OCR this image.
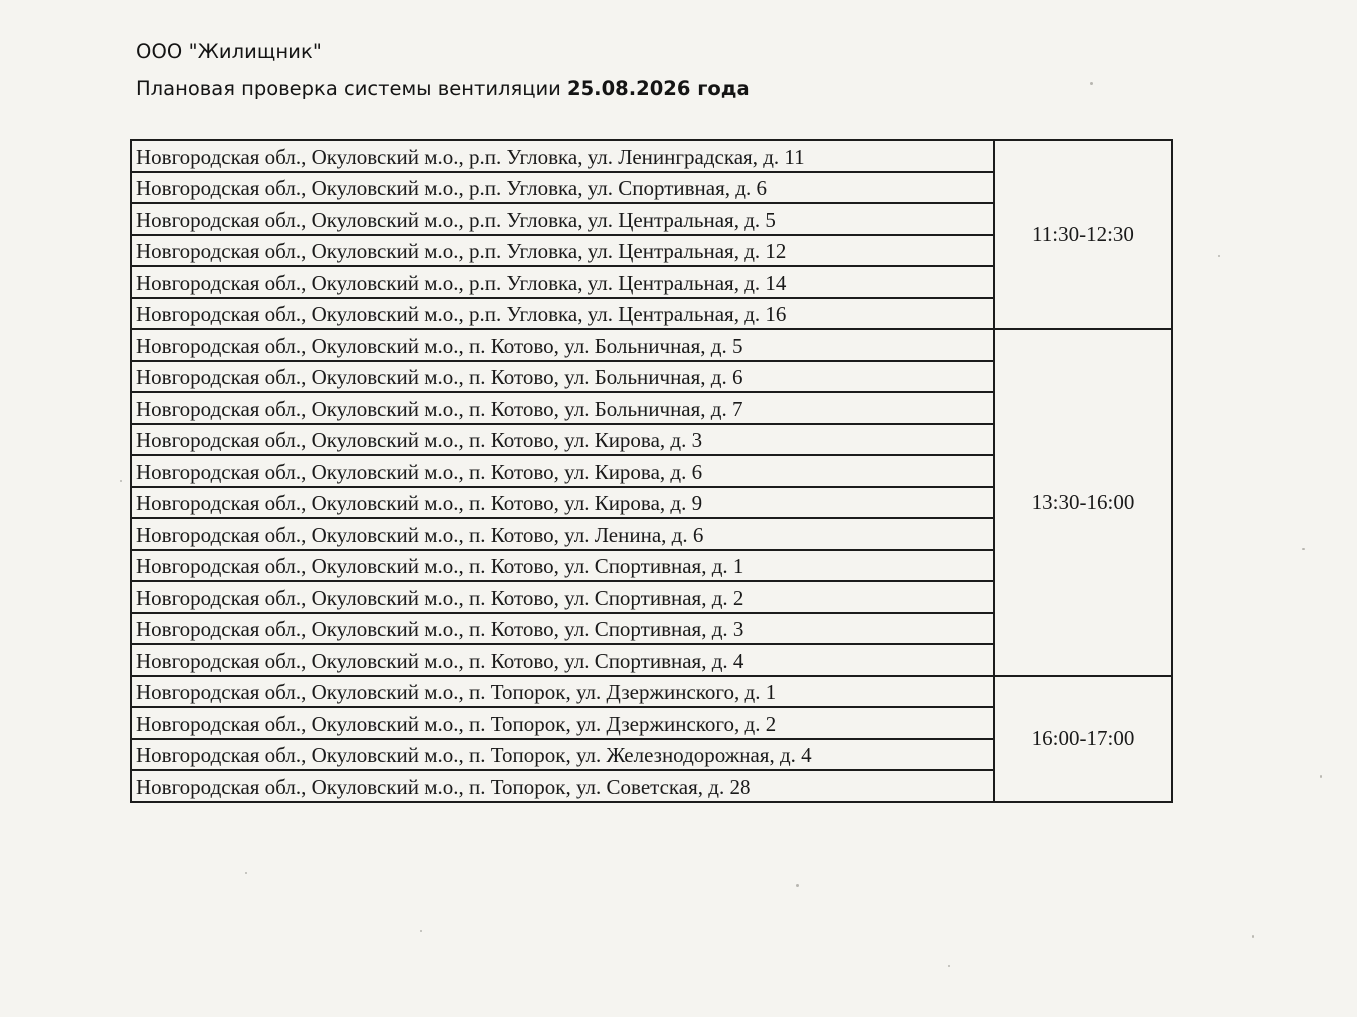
ООО "Жилищник"
Плановая проверка системы вентиляции 25.08.2026 года
Новгородская обл., Окуловский м.о., р.п. Угловка, ул. Ленинградская, д. 11	11:30-12:30
Новгородская обл., Окуловский м.о., р.п. Угловка, ул. Спортивная, д. 6	
Новгородская обл., Окуловский м.о., р.п. Угловка, ул. Центральная, д. 5	
Новгородская обл., Окуловский м.о., р.п. Угловка, ул. Центральная, д. 12	
Новгородская обл., Окуловский м.о., р.п. Угловка, ул. Центральная, д. 14	
Новгородская обл., Окуловский м.о., р.п. Угловка, ул. Центральная, д. 16	
Новгородская обл., Окуловский м.о., п. Котово, ул. Больничная, д. 5	13:30-16:00
Новгородская обл., Окуловский м.о., п. Котово, ул. Больничная, д. 6	
Новгородская обл., Окуловский м.о., п. Котово, ул. Больничная, д. 7	
Новгородская обл., Окуловский м.о., п. Котово, ул. Кирова, д. 3	
Новгородская обл., Окуловский м.о., п. Котово, ул. Кирова, д. 6	
Новгородская обл., Окуловский м.о., п. Котово, ул. Кирова, д. 9	
Новгородская обл., Окуловский м.о., п. Котово, ул. Ленина, д. 6	
Новгородская обл., Окуловский м.о., п. Котово, ул. Спортивная, д. 1	
Новгородская обл., Окуловский м.о., п. Котово, ул. Спортивная, д. 2	
Новгородская обл., Окуловский м.о., п. Котово, ул. Спортивная, д. 3	
Новгородская обл., Окуловский м.о., п. Котово, ул. Спортивная, д. 4	
Новгородская обл., Окуловский м.о., п. Топорок, ул. Дзержинского, д. 1	16:00-17:00
Новгородская обл., Окуловский м.о., п. Топорок, ул. Дзержинского, д. 2	
Новгородская обл., Окуловский м.о., п. Топорок, ул. Железнодорожная, д. 4	
Новгородская обл., Окуловский м.о., п. Топорок, ул. Советская, д. 28	
